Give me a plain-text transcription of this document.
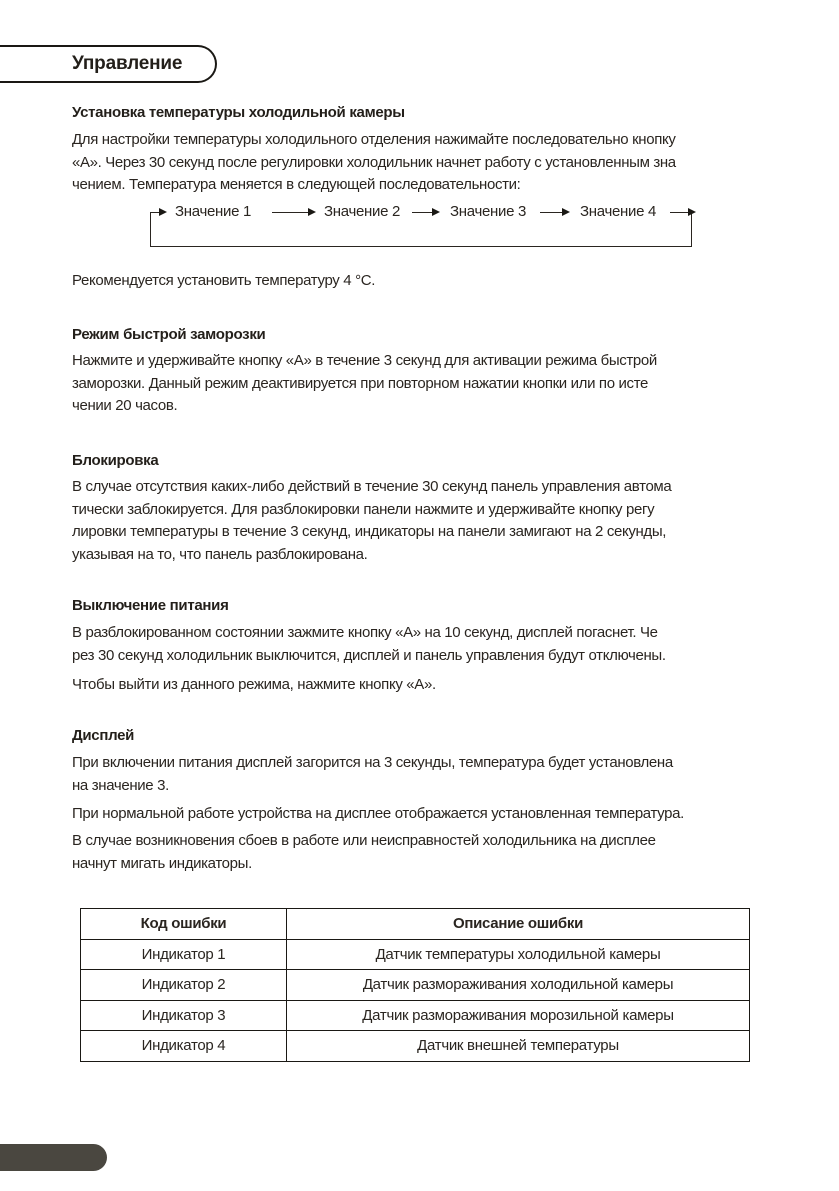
Управление
Установка температуры холодильной камеры
Для настройки температуры холодильного отделения нажимайте последовательно кнопку
«А». Через 30 секунд после регулировки холодильник начнет работу с установленным зна
чением. Температура меняется в следующей последовательности:
Значение 1	Значение 2	Значение 3	Значение 4
Рекомендуется установить температуру 4 °C.
Режим быстрой заморозки
Нажмите и удерживайте кнопку «А» в течение 3 секунд для активации режима быстрой
заморозки. Данный режим деактивируется при повторном нажатии кнопки или по исте
чении 20 часов.
Блокировка
В случае отсутствия каких-либо действий в течение 30 секунд панель управления автома
тически заблокируется. Для разблокировки панели нажмите и удерживайте кнопку регу
лировки температуры в течение 3 секунд, индикаторы на панели замигают на 2 секунды,
указывая на то, что панель разблокирована.
Выключение питания
В разблокированном состоянии зажмите кнопку «А» на 10 секунд, дисплей погаснет. Че
рез 30 секунд холодильник выключится, дисплей и панель управления будут отключены.
Чтобы выйти из данного режима, нажмите кнопку «А».
Дисплей
При включении питания дисплей загорится на 3 секунды, температура будет установлена
на значение 3.
При нормальной работе устройства на дисплее отображается установленная температура.
В случае возникновения сбоев в работе или неисправностей холодильника на дисплее
начнут мигать индикаторы.
Код ошибки	Описание ошибки
Индикатор 1	Датчик температуры холодильной камеры
Индикатор 2	Датчик размораживания холодильной камеры
Индикатор 3	Датчик размораживания морозильной камеры
Индикатор 4	Датчик внешней температуры
